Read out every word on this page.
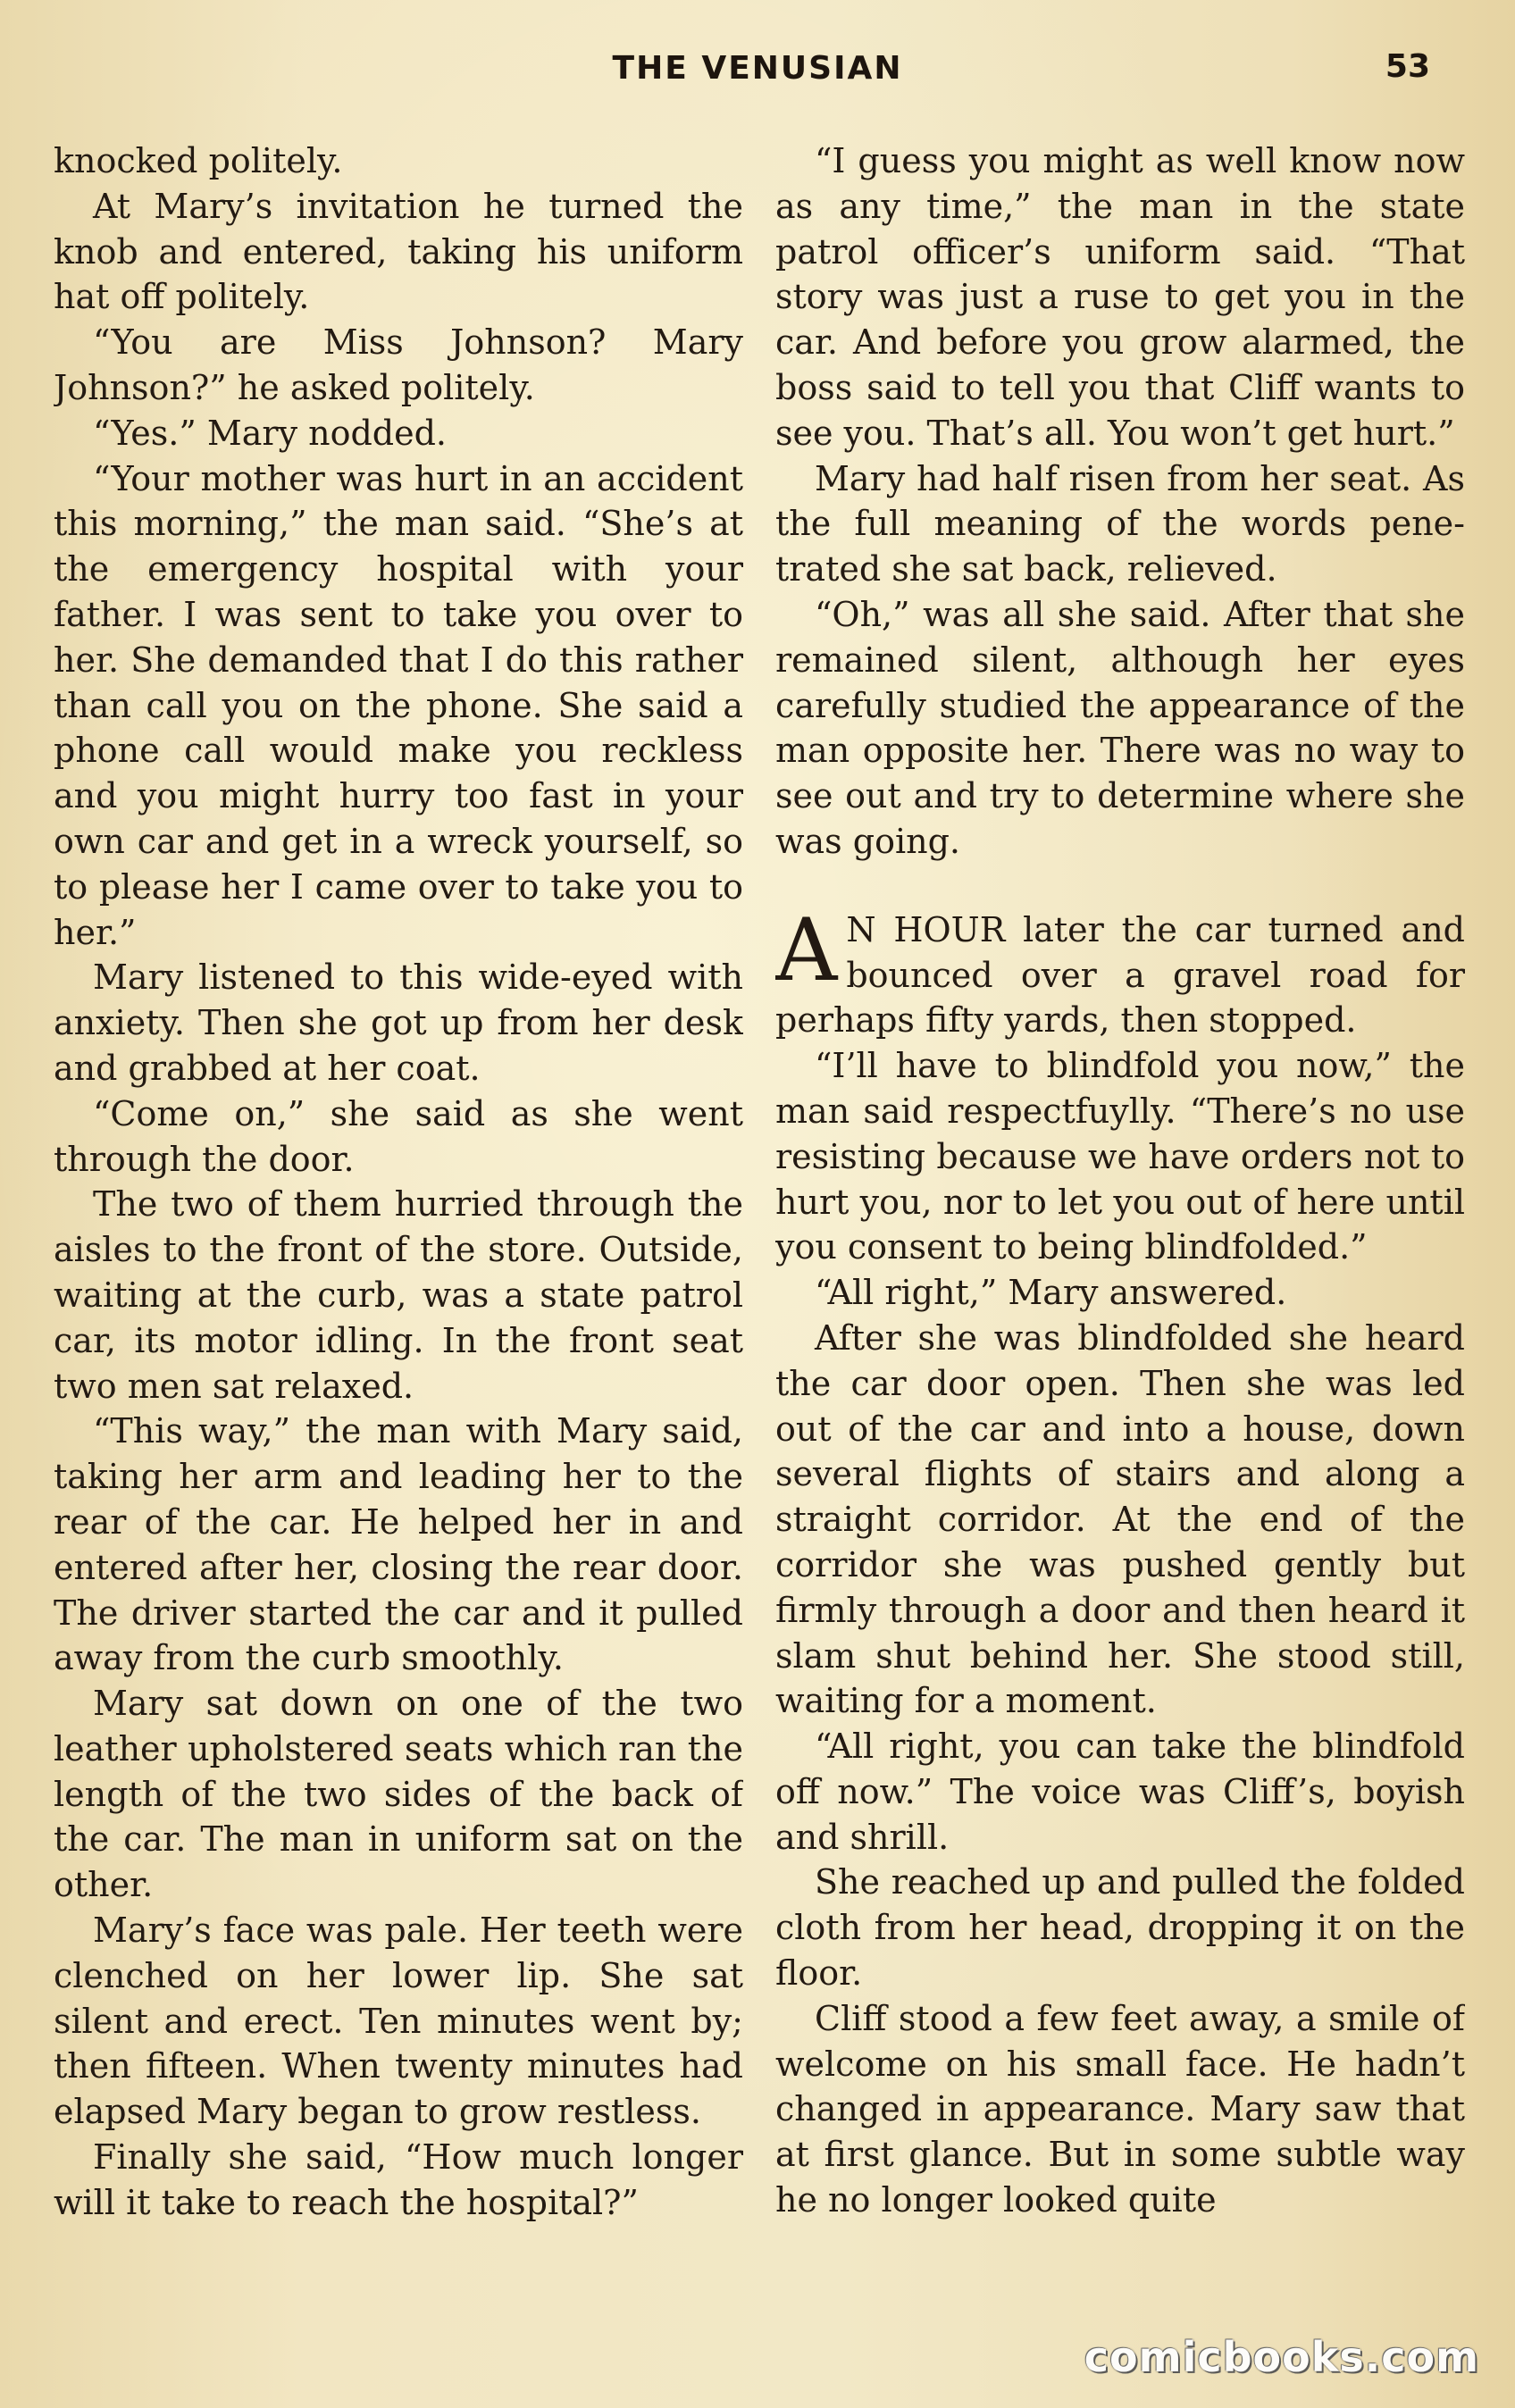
THE VENUSIAN	53

knocked politely.

At Mary’s invitation he turned the knob and entered, taking his uniform hat off politely.

“You are Miss Johnson? Mary Johnson?” he asked politely.

“Yes.” Mary nodded.

“Your mother was hurt in an accident this morning,” the man said. “She’s at the emergency hospital with your father. I was sent to take you over to her. She demanded that I do this rather than call you on the phone. She said a phone call would make you reckless and you might hurry too fast in your own car and get in a wreck yourself, so to please her I came over to take you to her.”

Mary listened to this wide-eyed with anxiety. Then she got up from her desk and grabbed at her coat.

“Come on,” she said as she went through the door.

The two of them hurried through the aisles to the front of the store. Outside, waiting at the curb, was a state patrol car, its motor idling. In the front seat two men sat relaxed.

“This way,” the man with Mary said, taking her arm and leading her to the rear of the car. He helped her in and entered after her, closing the rear door. The driver started the car and it pulled away from the curb smoothly.

Mary sat down on one of the two leather upholstered seats which ran the length of the two sides of the back of the car. The man in uniform sat on the other.

Mary’s face was pale. Her teeth were clenched on her lower lip. She sat silent and erect. Ten minutes went by; then fifteen. When twenty minutes had elapsed Mary began to grow restless.

Finally she said, “How much longer will it take to reach the hospital?”

“I guess you might as well know now as any time,” the man in the state patrol officer’s uniform said. “That story was just a ruse to get you in the car. And before you grow alarmed, the boss said to tell you that Cliff wants to see you. That’s all. You won’t get hurt.”

Mary had half risen from her seat. As the full meaning of the words penetrated she sat back, relieved.

“Oh,” was all she said. After that she remained silent, although her eyes carefully studied the appearance of the man opposite her. There was no way to see out and try to determine where she was going.

A N HOUR later the car turned and bounced over a gravel road for perhaps fifty yards, then stopped.

“I’ll have to blindfold you now,” the man said respectfuylly. “There’s no use resisting because we have orders not to hurt you, nor to let you out of here until you consent to being blindfolded.”

“All right,” Mary answered.

After she was blindfolded she heard the car door open. Then she was led out of the car and into a house, down several flights of stairs and along a straight corridor. At the end of the corridor she was pushed gently but firmly through a door and then heard it slam shut behind her. She stood still, waiting for a moment.

“All right, you can take the blindfold off now.” The voice was Cliff’s, boyish and shrill.

She reached up and pulled the folded cloth from her head, dropping it on the floor.

Cliff stood a few feet away, a smile of welcome on his small face. He hadn’t changed in appearance. Mary saw that at first glance. But in some subtle way he no longer looked quite

comicbooks.com
